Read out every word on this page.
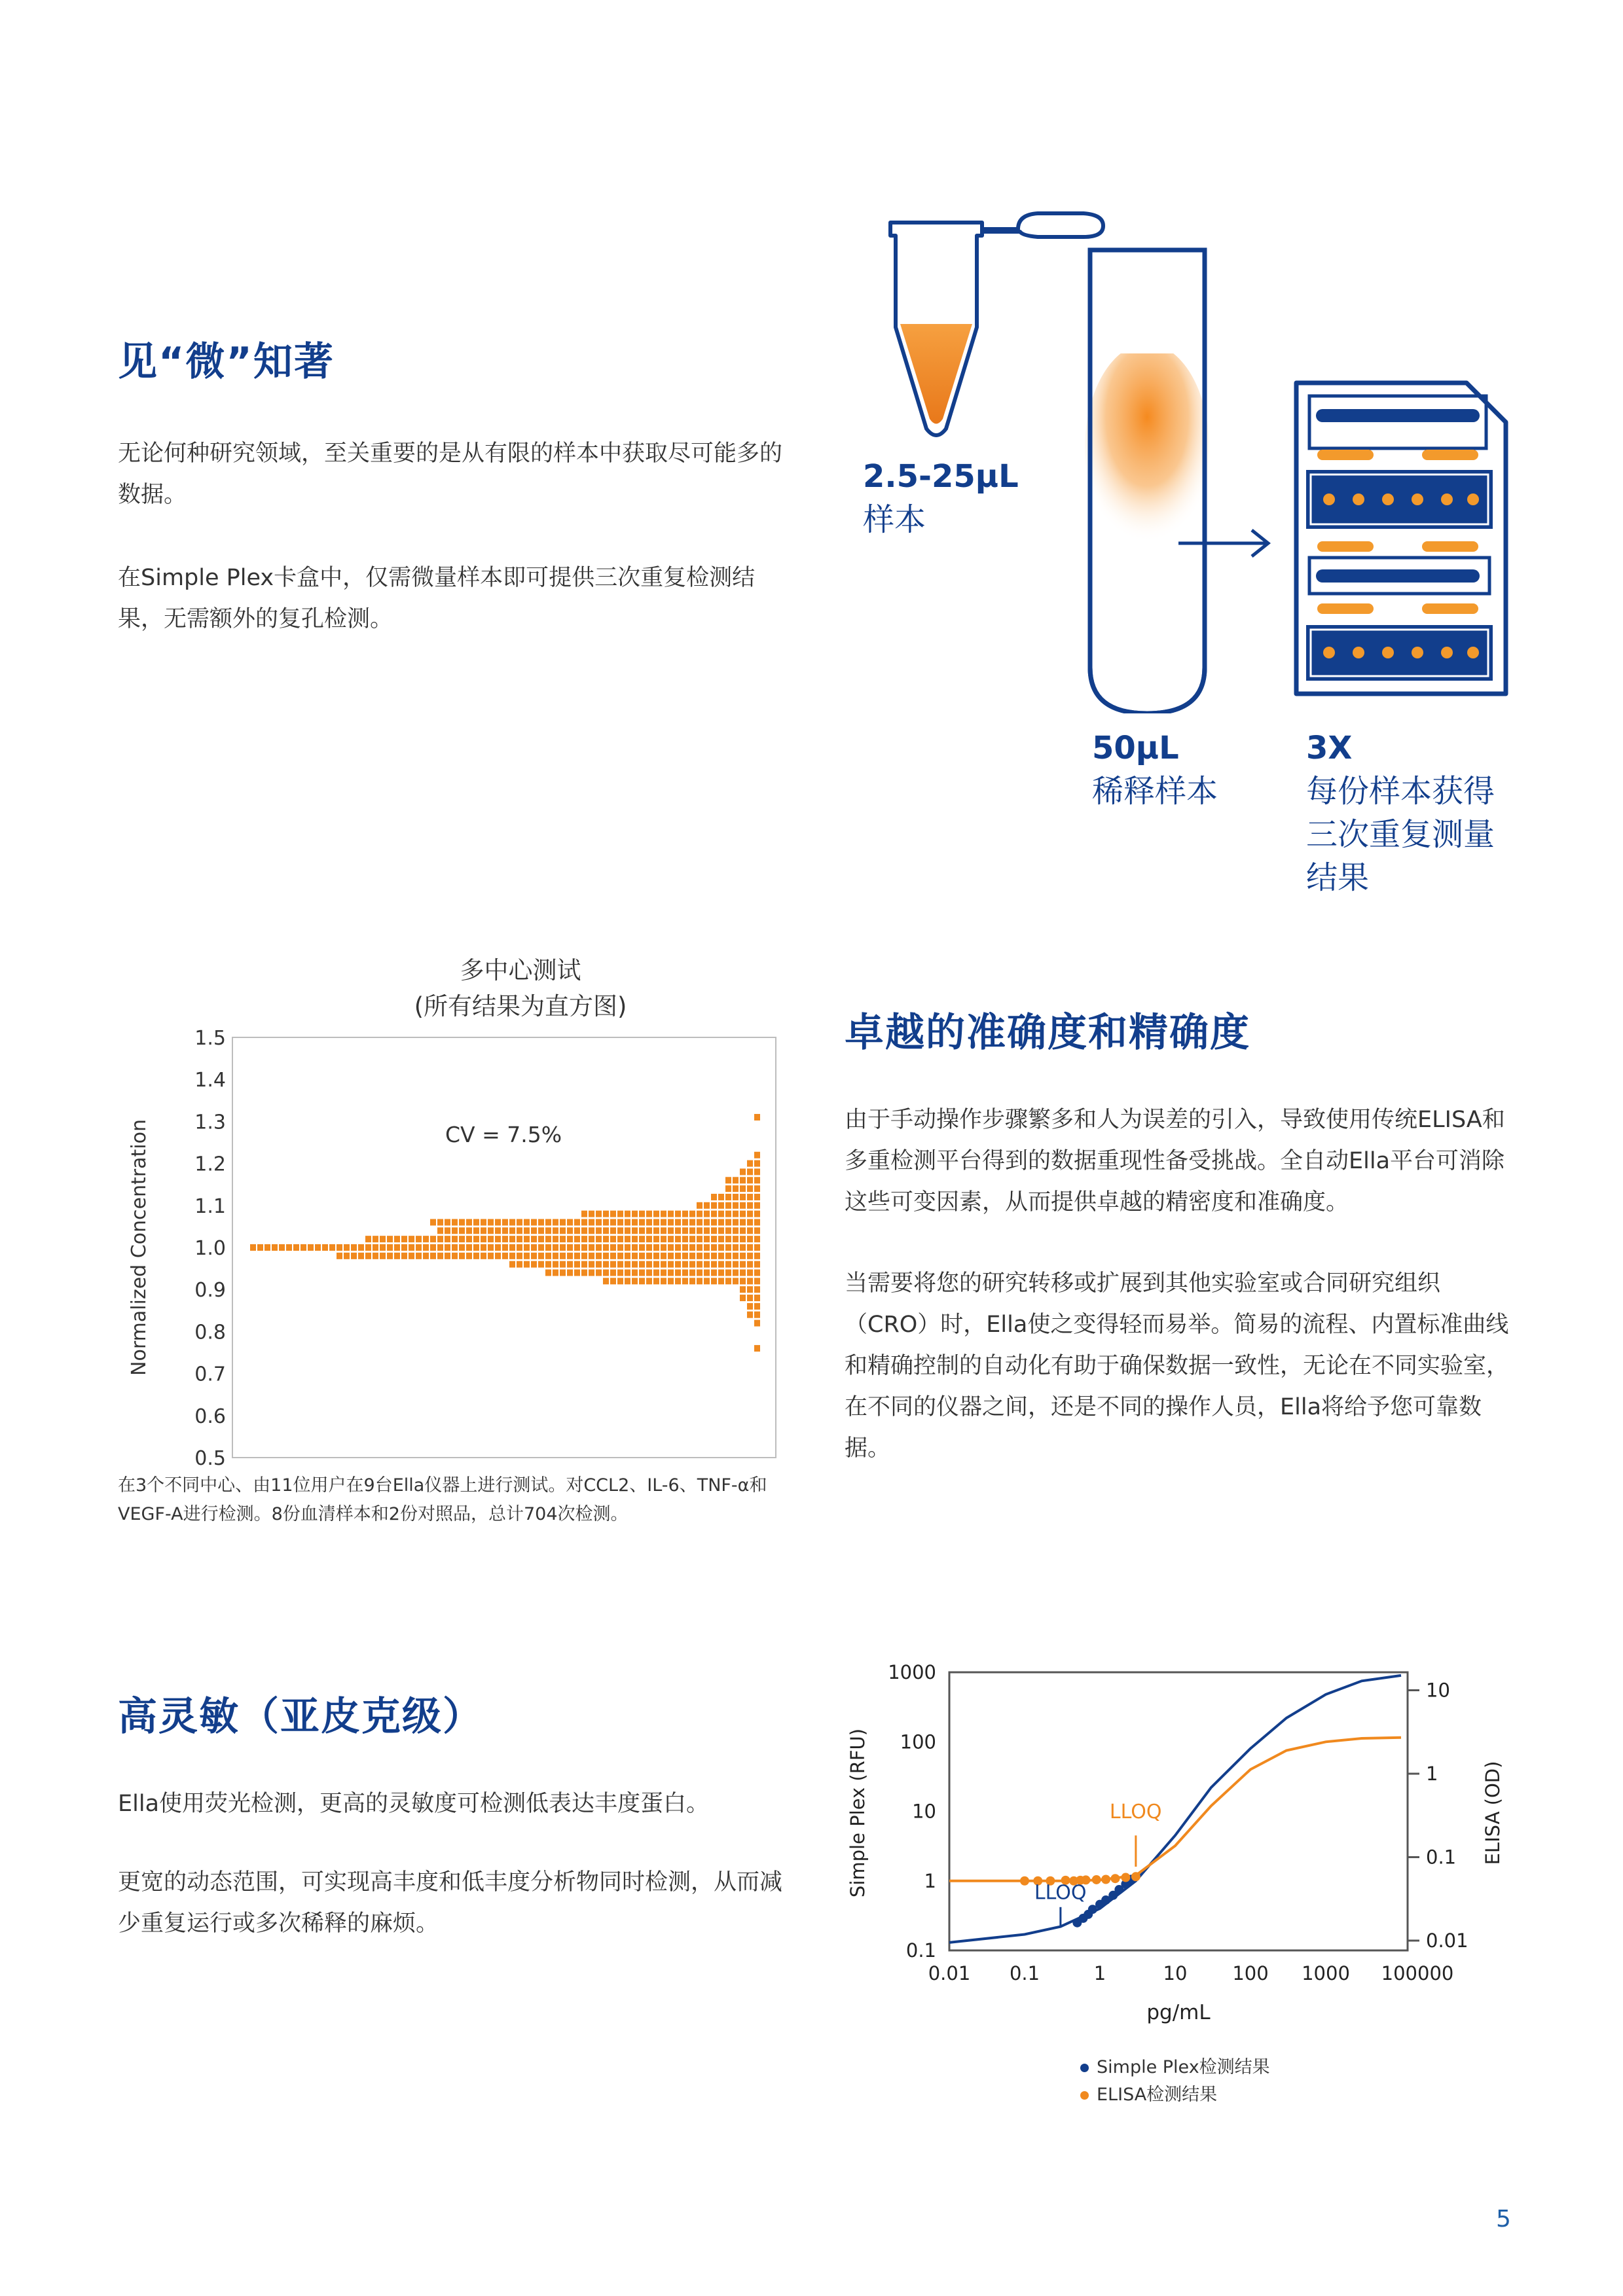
见“微”知著
无论何种研究领域，至关重要的是从有限的样本中获取尽可能多的数据。
在Simple Plex卡盒中，仅需微量样本即可提供三次重复检测结果，无需额外的复孔检测。
2.5-25µL
样本
50µL
稀释样本
3X
每份样本获得
三次重复测量
结果
多中心测试
(所有结果为直方图)
Normalized Concentration
1.5
1.4
1.3
1.2
1.1
1.0
0.9
0.8
0.7
0.6
0.5
CV = 7.5%
在3个不同中心、由11位用户在9台Ella仪器上进行测试。对CCL2、IL-6、TNF-α和VEGF-A进行检测。8份血清样本和2份对照品，总计704次检测。
卓越的准确度和精确度
由于手动操作步骤繁多和人为误差的引入，导致使用传统ELISA和多重检测平台得到的数据重现性备受挑战。全自动Ella平台可消除这些可变因素，从而提供卓越的精密度和准确度。
当需要将您的研究转移或扩展到其他实验室或合同研究组织（CRO）时，Ella使之变得轻而易举。简易的流程、内置标准曲线和精确控制的自动化有助于确保数据一致性，无论在不同实验室，在不同的仪器之间，还是不同的操作人员，Ella将给予您可靠数据。
高灵敏（亚皮克级）
Ella使用荧光检测，更高的灵敏度可检测低表达丰度蛋白。
更宽的动态范围，可实现高丰度和低丰度分析物同时检测，从而减少重复运行或多次稀释的麻烦。
Simple Plex (RFU)	ELISA (OD)
pg/mL
0.01 0.1	1	10 100 1000 100000
1000
100
10
1
0.1
10
1
0.1
0.01
LLOQ
LLOQ
Simple Plex检测结果
ELISA检测结果
5
